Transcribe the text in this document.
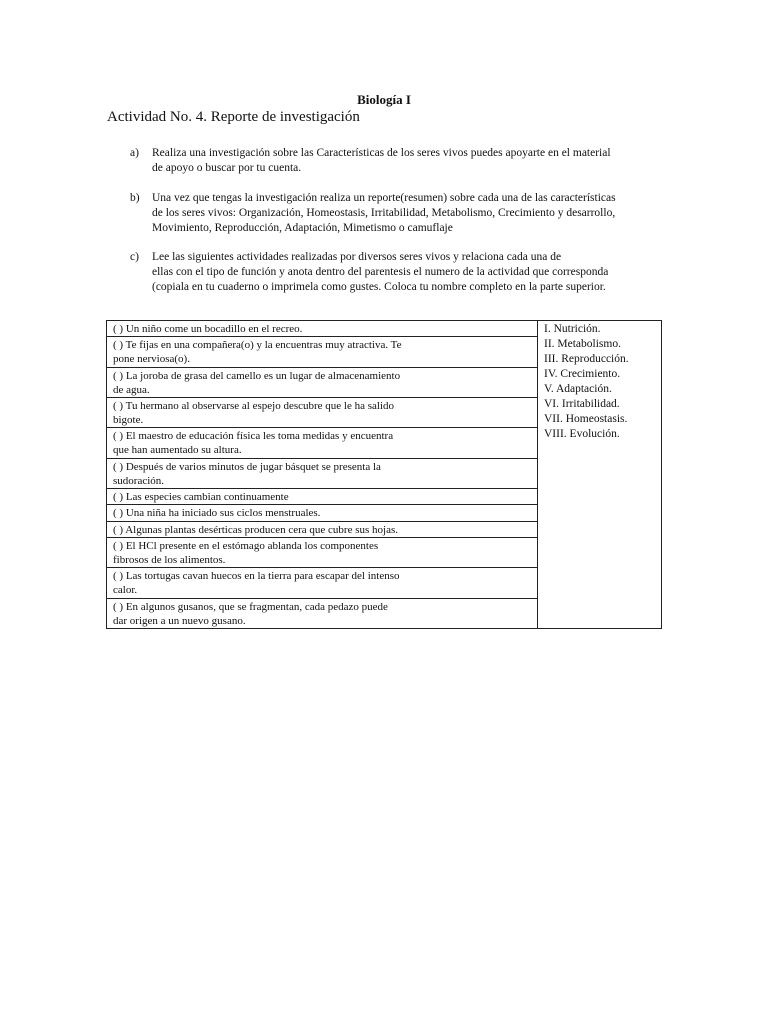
Biología I
Actividad No. 4. Reporte de investigación
a) Realiza una investigación sobre las Características de los seres vivos puedes apoyarte en el material
de apoyo o buscar por tu cuenta.
b) Una vez que tengas la investigación realiza un reporte(resumen) sobre cada una de las características
de los seres vivos: Organización, Homeostasis, Irritabilidad, Metabolismo, Crecimiento y desarrollo,
Movimiento, Reproducción, Adaptación, Mimetismo o camuflaje
c) Lee las siguientes actividades realizadas por diversos seres vivos y relaciona cada una de
ellas con el tipo de función y anota dentro del parentesis el numero de la actividad que corresponda
(copiala en tu cuaderno o imprimela como gustes. Coloca tu nombre completo en la parte superior.
( ) Un niño come un bocadillo en el recreo.	I. Nutrición.
II. Metabolismo.
III. Reproducción.
IV. Crecimiento.
V. Adaptación.
VI. Irritabilidad.
VII. Homeostasis.
VIII. Evolución.

( ) Te fijas en una compañera(o) y la encuentras muy atractiva. Te
pone nerviosa(o).

( ) La joroba de grasa del camello es un lugar de almacenamiento
de agua.

( ) Tu hermano al observarse al espejo descubre que le ha salido
bigote.

( ) El maestro de educación física les toma medidas y encuentra
que han aumentado su altura.

( ) Después de varios minutos de jugar básquet se presenta la
sudoración.

( ) Las especies cambian continuamente

( ) Una niña ha iniciado sus ciclos menstruales.

( ) Algunas plantas desérticas producen cera que cubre sus hojas.

( ) El HCl presente en el estómago ablanda los componentes
fibrosos de los alimentos.

( ) Las tortugas cavan huecos en la tierra para escapar del intenso
calor.

( ) En algunos gusanos, que se fragmentan, cada pedazo puede
dar origen a un nuevo gusano.
